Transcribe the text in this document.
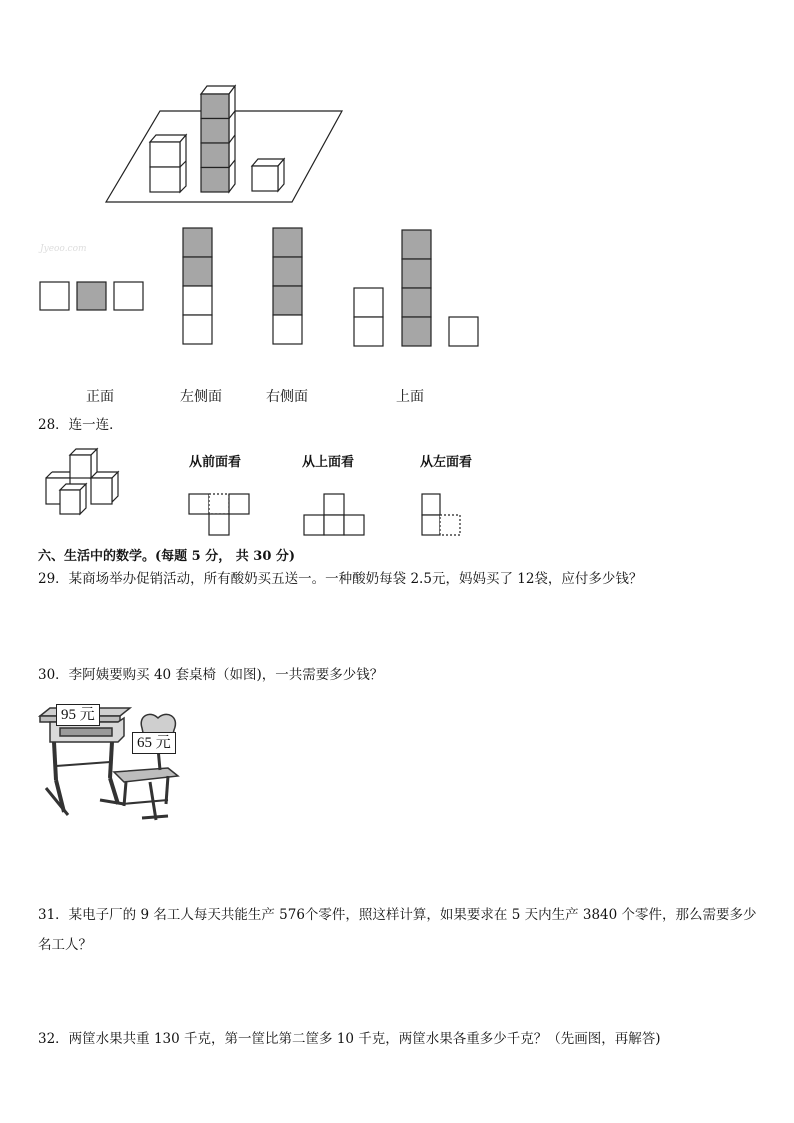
Jyeoo.com
正面	左侧面	右侧面	上面
28．连一连．
从前面看	从上面看	从左面看
六、生活中的数学。(每题 5 分， 共 30 分)
29．某商场举办促销活动，所有酸奶买五送一。一种酸奶每袋 2.5元，妈妈买了 12袋，应付多少钱？
30．李阿姨要购买 40 套桌椅（如图)，一共需要多少钱？
95 元
65 元
31．某电子厂的 9 名工人每天共能生产 576个零件，照这样计算，如果要求在 5 天内生产 3840 个零件，那么需要多少
名工人？
32．两筐水果共重 130 千克，第一筐比第二筐多 10 千克，两筐水果各重多少千克？（先画图，再解答)
